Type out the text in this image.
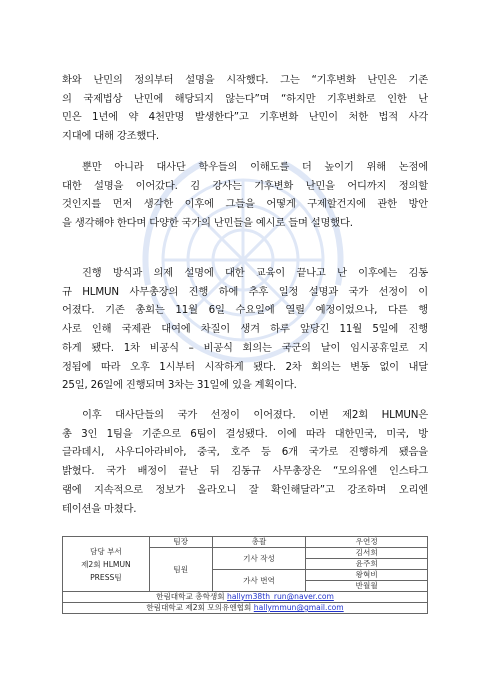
화와 난민의 정의부터 설명을 시작했다. 그는 “기후변화 난민은 기존
의 국제법상 난민에 해당되지 않는다”며 “하지만 기후변화로 인한 난
민은 1년에 약 4천만명 발생한다”고 기후변화 난민이 처한 법적 사각
지대에 대해 강조했다.
뿐만 아니라 대사단 학우들의 이해도를 더 높이기 위해 논점에
대한 설명을 이어갔다. 김 강사는 기후변화 난민을 어디까지 정의할
것인지를 먼저 생각한 이후에 그들을 어떻게 구제할건지에 관한 방안
을 생각해야 한다며 다양한 국가의 난민들을 예시로 들며 설명했다.
진행 방식과 의제 설명에 대한 교육이 끝나고 난 이후에는 김동
규 HLMUN 사무총장의 진행 하에 추후 일정 설명과 국가 선정이 이
어졌다. 기존 총회는 11월 6일 수요일에 열릴 예정이었으나, 다른 행
사로 인해 국제관 대여에 차질이 생겨 하루 앞당긴 11월 5일에 진행
하게 됐다. 1차 비공식 – 비공식 회의는 국군의 날이 임시공휴일로 지
정됨에 따라 오후 1시부터 시작하게 됐다. 2차 회의는 변동 없이 내달
25일, 26일에 진행되며 3차는 31일에 있을 계획이다.
이후 대사단들의 국가 선정이 이어졌다. 이번 제2회 HLMUN은
총 3인 1팀을 기준으로 6팀이 결성됐다. 이에 따라 대한민국, 미국, 방
글라데시, 사우디아라비아, 중국, 호주 등 6개 국가로 진행하게 됐음을
밝혔다. 국가 배정이 끝난 뒤 김동규 사무총장은 “모의유엔 인스타그
램에 지속적으로 정보가 올라오니 잘 확인해달라”고 강조하며 오리엔
테이션을 마쳤다.
담당 부서
제2회 HLMUN
PRESS팀	팀장	총괄	우연정
	팀원		
		기사 작성	김서희
			윤주희
		가사 번역	왕혁비
			반월월
한림대학교 총학생회 hallym38th_run@naver.com			
한림대학교 제2회 모의유엔협회 hallymmun@gmail.com			
